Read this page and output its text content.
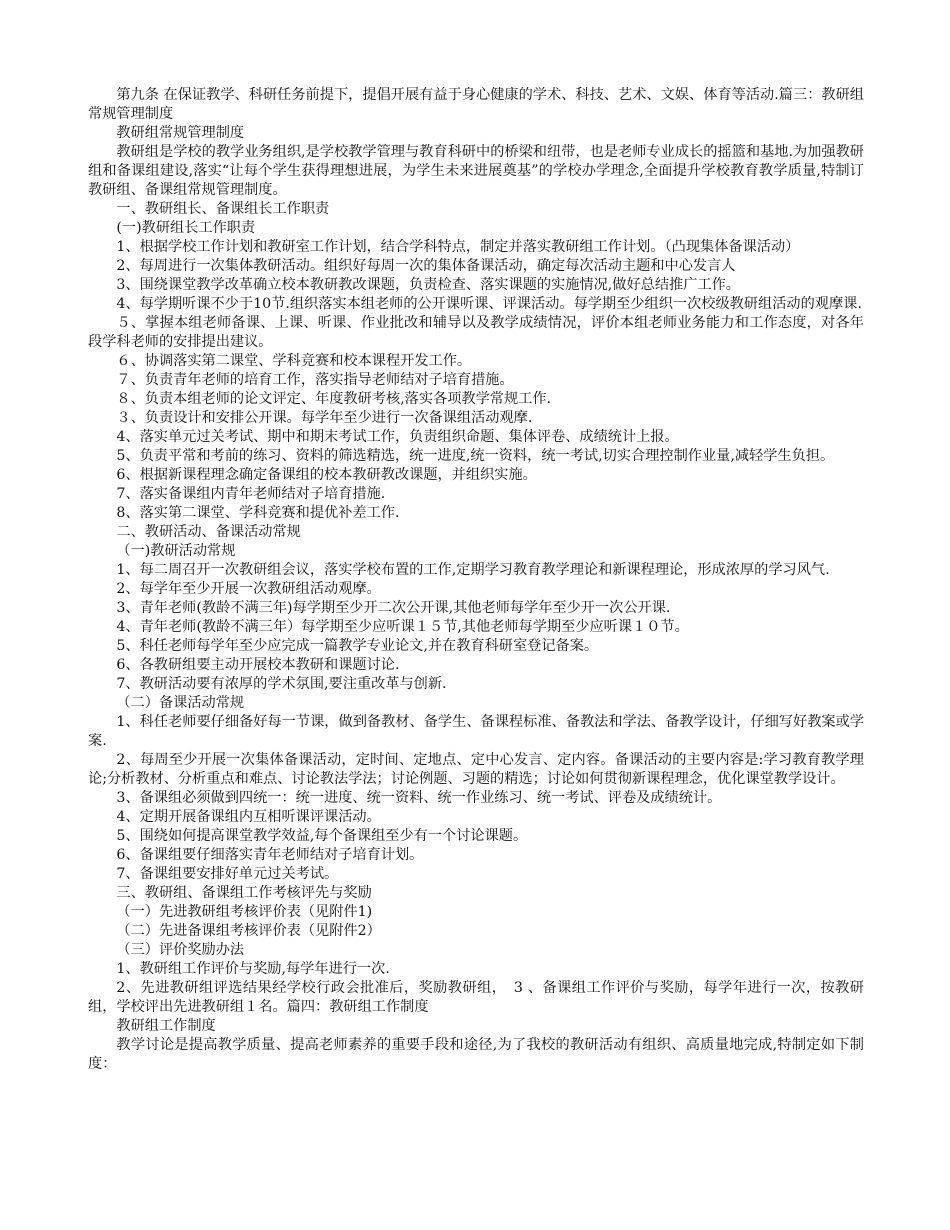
第九条 在保证教学、科研任务前提下，提倡开展有益于身心健康的学术、科技、艺术、文娱、体育等活动.篇三：教研组常规管理制度

教研组常规管理制度

教研组是学校的教学业务组织,是学校教学管理与教育科研中的桥梁和纽带，也是老师专业成长的摇篮和基地.为加强教研组和备课组建设,落实“让每个学生获得理想进展，为学生未来进展奠基”的学校办学理念,全面提升学校教育教学质量,特制订教研组、备课组常规管理制度。

一、教研组长、备课组长工作职责

(一)教研组长工作职责

1、根据学校工作计划和教研室工作计划，结合学科特点，制定并落实教研组工作计划。（凸现集体备课活动）

2、每周进行一次集体教研活动。组织好每周一次的集体备课活动，确定每次活动主题和中心发言人

3、围绕课堂教学改革确立校本教研教改课题，负责检查、落实课题的实施情况,做好总结推广工作。

4、每学期听课不少于10节.组织落实本组老师的公开课听课、评课活动。每学期至少组织一次校级教研组活动的观摩课.

５、掌握本组老师备课、上课、听课、作业批改和辅导以及教学成绩情况，评价本组老师业务能力和工作态度，对各年段学科老师的安排提出建议。

６、协调落实第二课堂、学科竞赛和校本课程开发工作。

７、负责青年老师的培育工作，落实指导老师结对子培育措施。

８、负责本组老师的论文评定、年度教研考核,落实各项教学常规工作.

３、负责设计和安排公开课。每学年至少进行一次备课组活动观摩.

4、落实单元过关考试、期中和期末考试工作，负责组织命题、集体评卷、成绩统计上报。

5、负责平常和考前的练习、资料的筛选精选，统一进度,统一资料，统一考试,切实合理控制作业量,减轻学生负担。

6、根据新课程理念确定备课组的校本教研教改课题，并组织实施。

7、落实备课组内青年老师结对子培育措施.

8、落实第二课堂、学科竞赛和提优补差工作.

二、教研活动、备课活动常规

（一)教研活动常规

1、每二周召开一次教研组会议，落实学校布置的工作,定期学习教育教学理论和新课程理论，形成浓厚的学习风气.

2、每学年至少开展一次教研组活动观摩。

3、青年老师(教龄不满三年)每学期至少开二次公开课,其他老师每学年至少开一次公开课.

4、青年老师(教龄不满三年）每学期至少应听课１５节,其他老师每学期至少应听课１０节。

5、科任老师每学年至少应完成一篇教学专业论文,并在教育科研室登记备案。

6、各教研组要主动开展校本教研和课题讨论.

7、教研活动要有浓厚的学术氛围,要注重改革与创新.

（二）备课活动常规

1、科任老师要仔细备好每一节课，做到备教材、备学生、备课程标准、备教法和学法、备教学设计，仔细写好教案或学案.

2、每周至少开展一次集体备课活动，定时间、定地点、定中心发言、定内容。备课活动的主要内容是:学习教育教学理论;分析教材、分析重点和难点、讨论教法学法；讨论例题、习题的精选；讨论如何贯彻新课程理念，优化课堂教学设计。

3、备课组必须做到四统一：统一进度、统一资料、统一作业练习、统一考试、评卷及成绩统计。

4、定期开展备课组内互相听课评课活动。

5、围绕如何提高课堂教学效益,每个备课组至少有一个讨论课题。

6、备课组要仔细落实青年老师结对子培育计划。

7、备课组要安排好单元过关考试。

三、教研组、备课组工作考核评先与奖励

（一）先进教研组考核评价表（见附件1)

（二）先进备课组考核评价表（见附件2）

（三）评价奖励办法

1、教研组工作评价与奖励,每学年进行一次.

2、先进教研组评选结果经学校行政会批准后，奖励教研组，　3 、备课组工作评价与奖励，每学年进行一次，按教研组，学校评出先进教研组１名。篇四：教研组工作制度

教研组工作制度

教学讨论是提高教学质量、提高老师素养的重要手段和途径,为了我校的教研活动有组织、高质量地完成,特制定如下制度：
